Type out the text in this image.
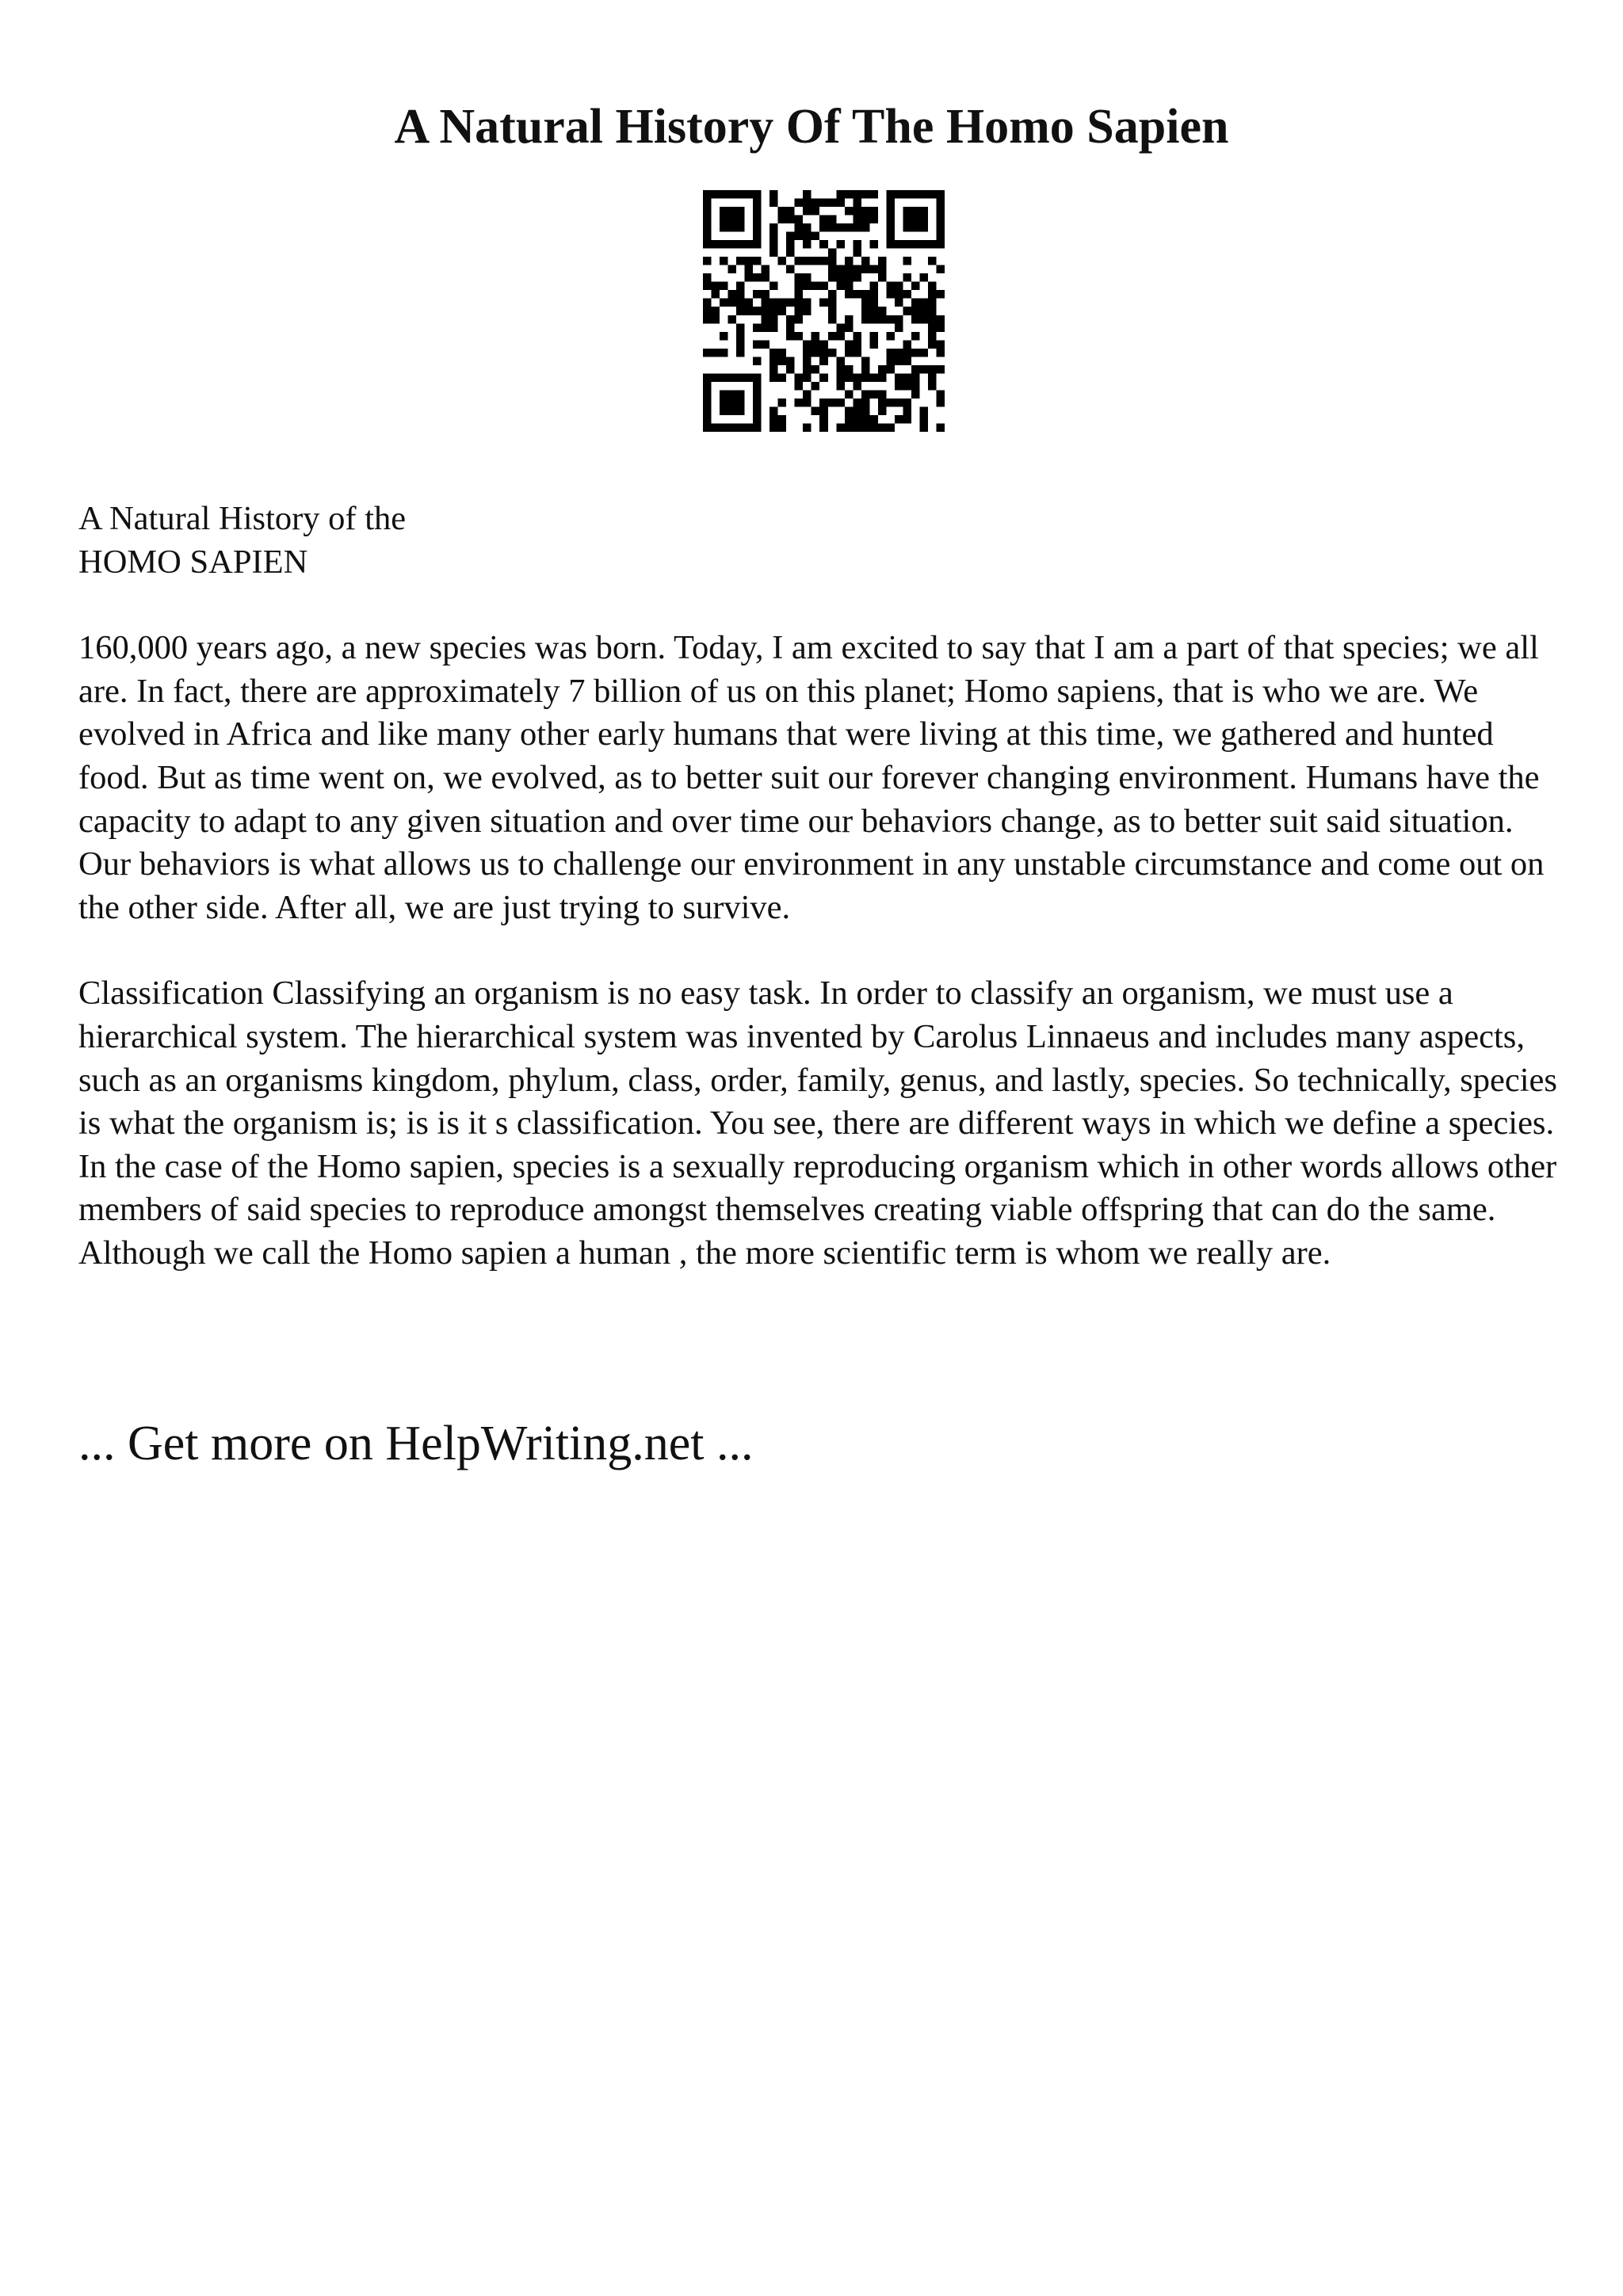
A Natural History Of The Homo Sapien

A Natural History of the
HOMO SAPIEN

160,000 years ago, a new species was born. Today, I am excited to say that I am a part of that species; we all are. In fact, there are approximately 7 billion of us on this planet; Homo sapiens, that is who we are. We evolved in Africa and like many other early humans that were living at this time, we gathered and hunted food. But as time went on, we evolved, as to better suit our forever changing environment. Humans have the capacity to adapt to any given situation and over time our behaviors change, as to better suit said situation. Our behaviors is what allows us to challenge our environment in any unstable circumstance and come out on the other side. After all, we are just trying to survive.

Classification Classifying an organism is no easy task. In order to classify an organism, we must use a hierarchical system. The hierarchical system was invented by Carolus Linnaeus and includes many aspects, such as an organisms kingdom, phylum, class, order, family, genus, and lastly, species. So technically, species is what the organism is; is is it s classification. You see, there are different ways in which we define a species. In the case of the Homo sapien, species is a sexually reproducing organism which in other words allows other members of said species to reproduce amongst themselves creating viable offspring that can do the same. Although we call the Homo sapien a human , the more scientific term is whom we really are.

... Get more on HelpWriting.net ...
